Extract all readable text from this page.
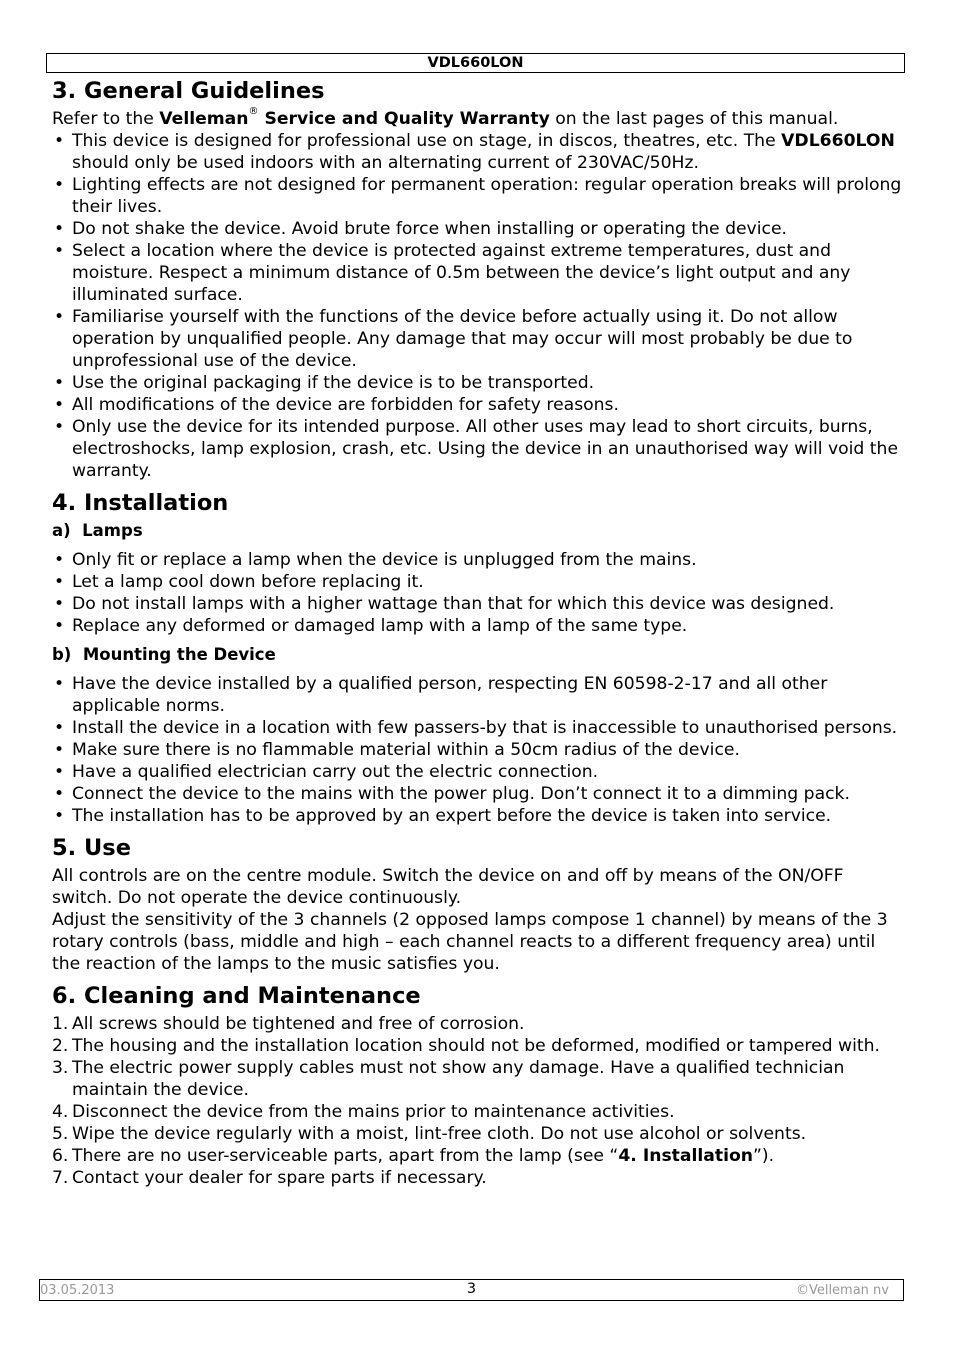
VDL660LON
3. General Guidelines

Refer to the Velleman® Service and Quality Warranty on the last pages of this manual.

• This device is designed for professional use on stage, in discos, theatres, etc. The VDL660LON should only be used indoors with an alternating current of 230VAC/50Hz.
• Lighting effects are not designed for permanent operation: regular operation breaks will prolong their lives.
• Do not shake the device. Avoid brute force when installing or operating the device.
• Select a location where the device is protected against extreme temperatures, dust and moisture. Respect a minimum distance of 0.5m between the device’s light output and any illuminated surface.
• Familiarise yourself with the functions of the device before actually using it. Do not allow operation by unqualified people. Any damage that may occur will most probably be due to unprofessional use of the device.
• Use the original packaging if the device is to be transported.
• All modifications of the device are forbidden for safety reasons.
• Only use the device for its intended purpose. All other uses may lead to short circuits, burns, electroshocks, lamp explosion, crash, etc. Using the device in an unauthorised way will void the warranty.
4. Installation
a)  Lamps
• Only fit or replace a lamp when the device is unplugged from the mains.
• Let a lamp cool down before replacing it.
• Do not install lamps with a higher wattage than that for which this device was designed.
• Replace any deformed or damaged lamp with a lamp of the same type.
b)  Mounting the Device
• Have the device installed by a qualified person, respecting EN 60598-2-17 and all other applicable norms.
• Install the device in a location with few passers-by that is inaccessible to unauthorised persons.
• Make sure there is no flammable material within a 50cm radius of the device.
• Have a qualified electrician carry out the electric connection.
• Connect the device to the mains with the power plug. Don’t connect it to a dimming pack.
• The installation has to be approved by an expert before the device is taken into service.
5. Use

All controls are on the centre module. Switch the device on and off by means of the ON/OFF switch. Do not operate the device continuously.

Adjust the sensitivity of the 3 channels (2 opposed lamps compose 1 channel) by means of the 3 rotary controls (bass, middle and high – each channel reacts to a different frequency area) until the reaction of the lamps to the music satisfies you.

6. Cleaning and Maintenance
1. All screws should be tightened and free of corrosion.
2. The housing and the installation location should not be deformed, modified or tampered with.
3. The electric power supply cables must not show any damage. Have a qualified technician maintain the device.
4. Disconnect the device from the mains prior to maintenance activities.
5. Wipe the device regularly with a moist, lint-free cloth. Do not use alcohol or solvents.
6. There are no user-serviceable parts, apart from the lamp (see “4. Installation”).
7. Contact your dealer for spare parts if necessary.
03.05.2013	3	©Velleman nv
